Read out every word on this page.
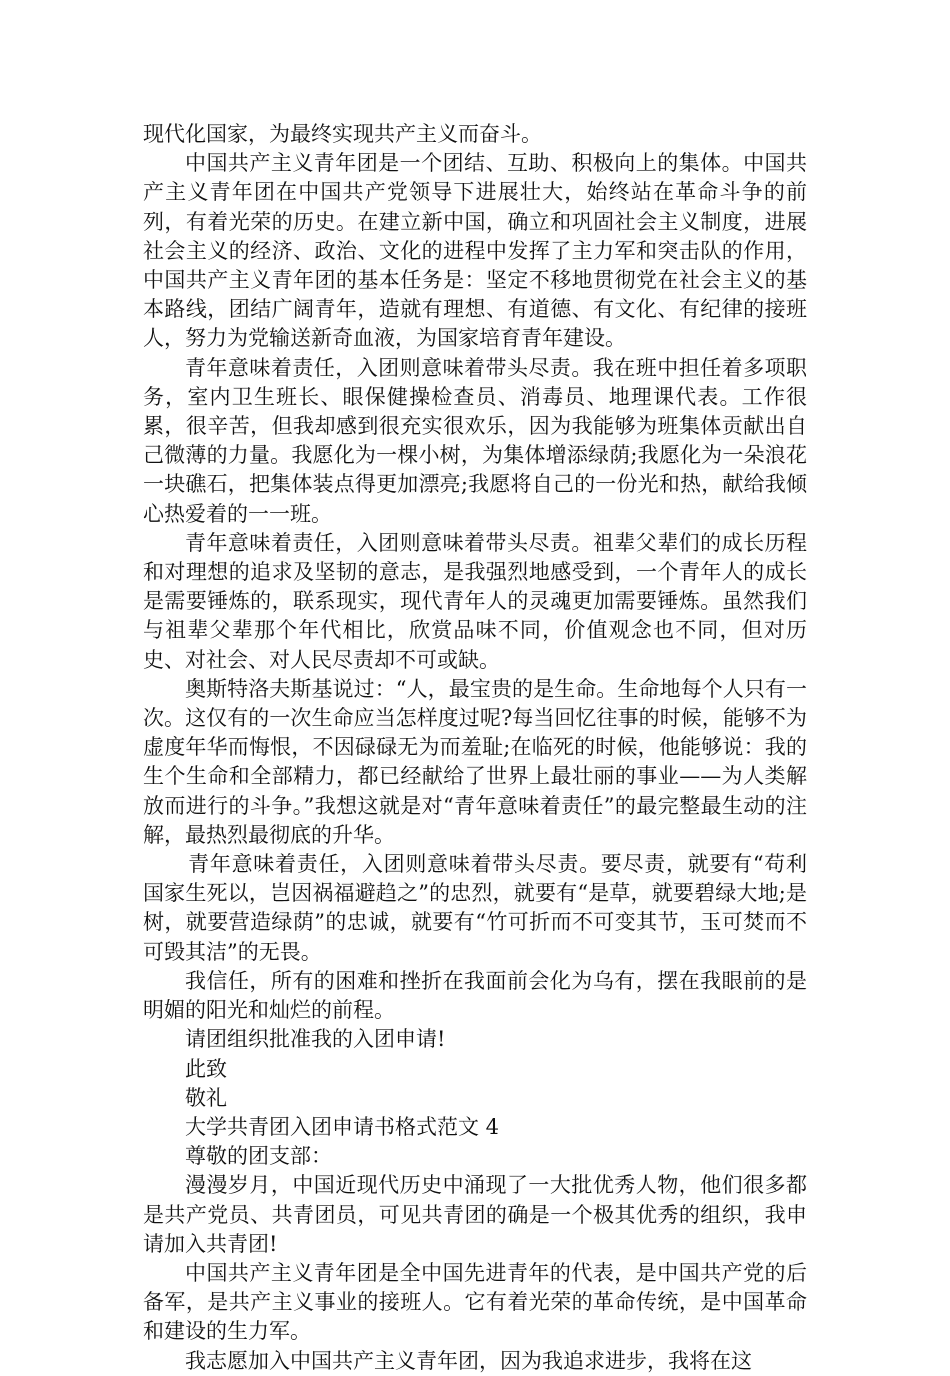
现代化国家，为最终实现共产主义而奋斗。

中国共产主义青年团是一个团结、互助、积极向上的集体。中国共产主义青年团在中国共产党领导下进展壮大，始终站在革命斗争的前列，有着光荣的历史。在建立新中国，确立和巩固社会主义制度，进展社会主义的经济、政治、文化的进程中发挥了主力军和突击队的作用，中国共产主义青年团的基本任务是：坚定不移地贯彻党在社会主义的基本路线，团结广阔青年，造就有理想、有道德、有文化、有纪律的接班人，努力为党输送新奇血液，为国家培育青年建设。

青年意味着责任，入团则意味着带头尽责。我在班中担任着多项职务，室内卫生班长、眼保健操检查员、消毒员、地理课代表。工作很累，很辛苦，但我却感到很充实很欢乐，因为我能够为班集体贡献出自己微薄的力量。我愿化为一棵小树，为集体增添绿荫;我愿化为一朵浪花一块礁石，把集体装点得更加漂亮;我愿将自己的一份光和热，献给我倾心热爱着的一一班。

青年意味着责任，入团则意味着带头尽责。祖辈父辈们的成长历程和对理想的追求及坚韧的意志，是我强烈地感受到，一个青年人的成长是需要锤炼的，联系现实，现代青年人的灵魂更加需要锤炼。虽然我们与祖辈父辈那个年代相比，欣赏品味不同，价值观念也不同，但对历史、对社会、对人民尽责却不可或缺。

奥斯特洛夫斯基说过：“人，最宝贵的是生命。生命地每个人只有一次。这仅有的一次生命应当怎样度过呢?每当回忆往事的时候，能够不为虚度年华而悔恨，不因碌碌无为而羞耻;在临死的时候，他能够说：我的生个生命和全部精力，都已经献给了世界上最壮丽的事业——为人类解放而进行的斗争。”我想这就是对“青年意味着责任”的最完整最生动的注解，最热烈最彻底的升华。

青年意味着责任，入团则意味着带头尽责。要尽责，就要有“苟利国家生死以，岂因祸福避趋之”的忠烈，就要有“是草，就要碧绿大地;是树，就要营造绿荫”的忠诚，就要有“竹可折而不可变其节，玉可焚而不可毁其洁”的无畏。

我信任，所有的困难和挫折在我面前会化为乌有，摆在我眼前的是明媚的阳光和灿烂的前程。

请团组织批准我的入团申请!

此致

敬礼

大学共青团入团申请书格式范文 4

尊敬的团支部：

漫漫岁月，中国近现代历史中涌现了一大批优秀人物，他们很多都是共产党员、共青团员，可见共青团的确是一个极其优秀的组织，我申请加入共青团!

中国共产主义青年团是全中国先进青年的代表，是中国共产党的后备军，是共产主义事业的接班人。它有着光荣的革命传统，是中国革命和建设的生力军。

我志愿加入中国共产主义青年团，因为我追求进步，我将在这
